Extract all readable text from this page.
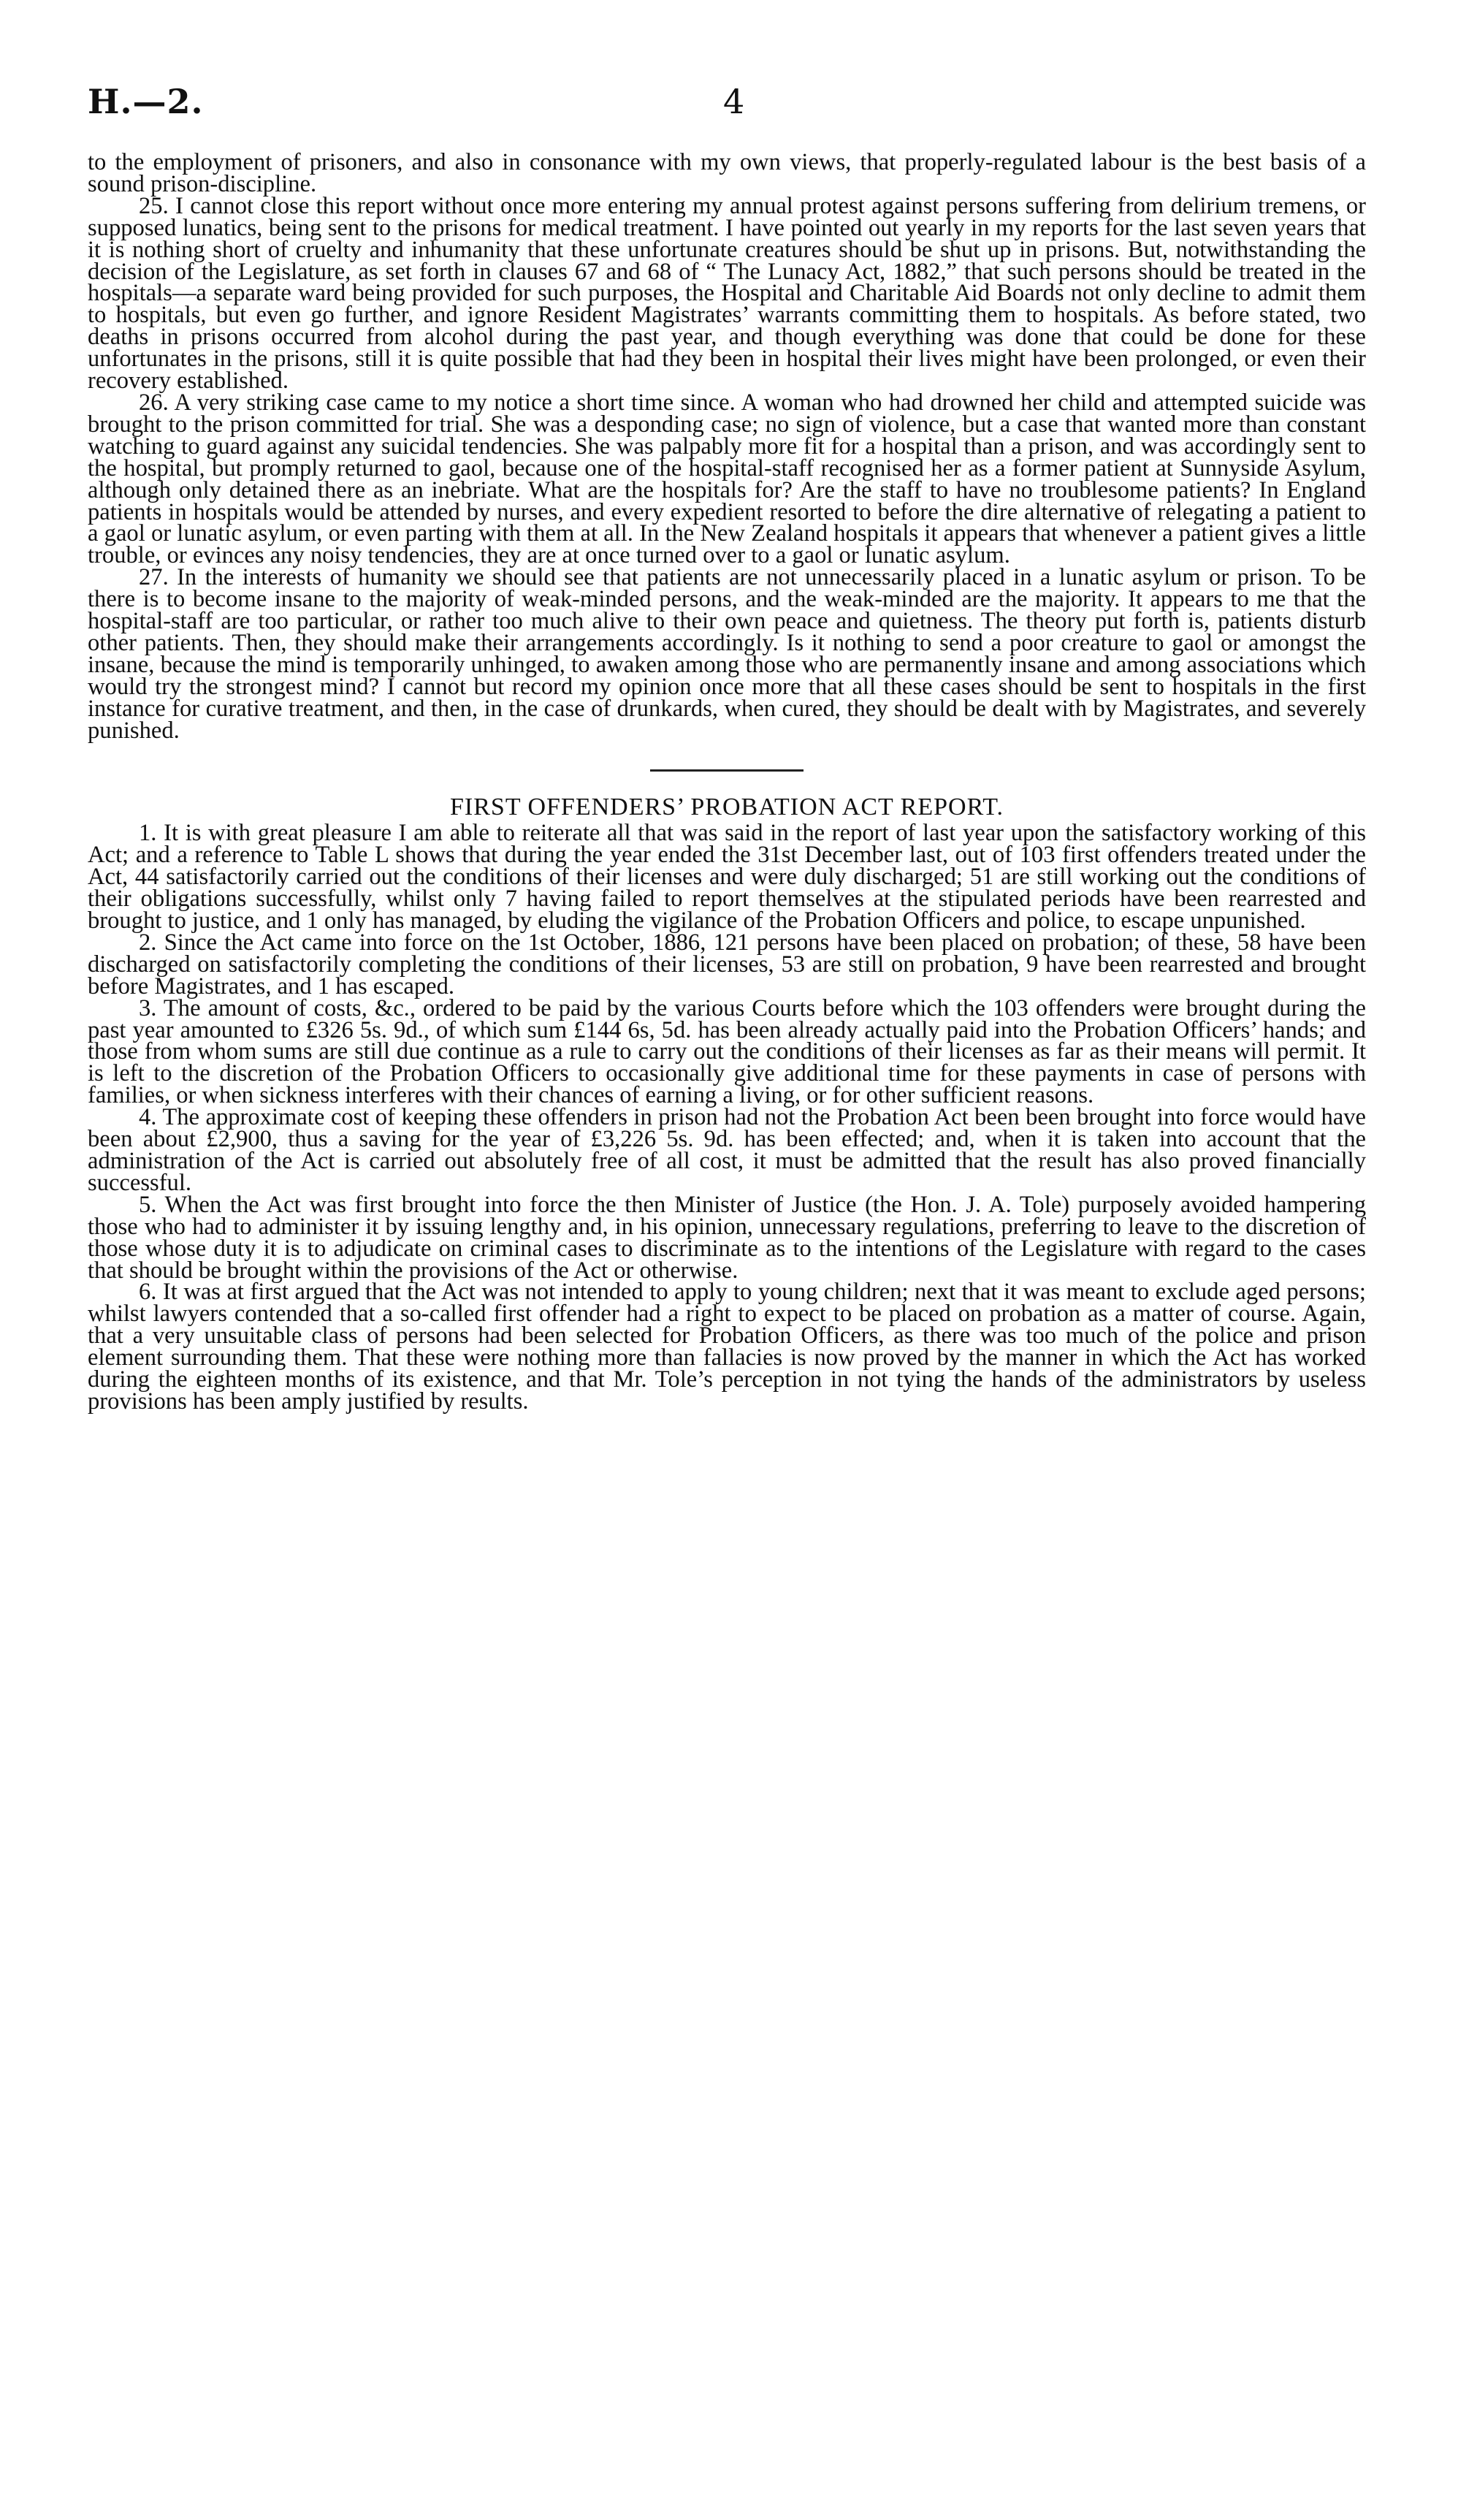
H.—2.	4

to the employment of prisoners, and also in consonance with my own views, that properly-regulated labour is the best basis of a sound prison-discipline.

25. I cannot close this report without once more entering my annual protest against persons suffering from delirium tremens, or supposed lunatics, being sent to the prisons for medical treatment. I have pointed out yearly in my reports for the last seven years that it is nothing short of cruelty and inhumanity that these unfortunate creatures should be shut up in prisons. But, notwithstanding the decision of the Legislature, as set forth in clauses 67 and 68 of “ The Lunacy Act, 1882,” that such persons should be treated in the hospitals—a separate ward being provided for such purposes, the Hospital and Charitable Aid Boards not only decline to admit them to hospitals, but even go further, and ignore Resident Magistrates’ warrants committing them to hospitals. As before stated, two deaths in prisons occurred from alcohol during the past year, and though everything was done that could be done for these unfortunates in the prisons, still it is quite possible that had they been in hospital their lives might have been prolonged, or even their recovery established.

26. A very striking case came to my notice a short time since. A woman who had drowned her child and attempted suicide was brought to the prison committed for trial. She was a desponding case; no sign of violence, but a case that wanted more than constant watching to guard against any suicidal tendencies. She was palpably more fit for a hospital than a prison, and was accordingly sent to the hospital, but promply returned to gaol, because one of the hospital-staff recognised her as a former patient at Sunnyside Asylum, although only detained there as an inebriate. What are the hospitals for? Are the staff to have no troublesome patients? In England patients in hospitals would be attended by nurses, and every expedient resorted to before the dire alternative of relegating a patient to a gaol or lunatic asylum, or even parting with them at all. In the New Zealand hospitals it appears that whenever a patient gives a little trouble, or evinces any noisy tendencies, they are at once turned over to a gaol or lunatic asylum.

27. In the interests of humanity we should see that patients are not unnecessarily placed in a lunatic asylum or prison. To be there is to become insane to the majority of weak-minded persons, and the weak-minded are the majority. It appears to me that the hospital-staff are too particular, or rather too much alive to their own peace and quietness. The theory put forth is, patients disturb other patients. Then, they should make their arrangements accordingly. Is it nothing to send a poor creature to gaol or amongst the insane, because the mind is temporarily unhinged, to awaken among those who are permanently insane and among associations which would try the strongest mind? I cannot but record my opinion once more that all these cases should be sent to hospitals in the first instance for curative treatment, and then, in the case of drunkards, when cured, they should be dealt with by Magistrates, and severely punished.

FIRST OFFENDERS’ PROBATION ACT REPORT.

1. It is with great pleasure I am able to reiterate all that was said in the report of last year upon the satisfactory working of this Act; and a reference to Table L shows that during the year ended the 31st December last, out of 103 first offenders treated under the Act, 44 satisfactorily carried out the conditions of their licenses and were duly discharged; 51 are still working out the conditions of their obligations successfully, whilst only 7 having failed to report themselves at the stipulated periods have been rearrested and brought to justice, and 1 only has managed, by eluding the vigilance of the Probation Officers and police, to escape unpunished.

2. Since the Act came into force on the 1st October, 1886, 121 persons have been placed on probation; of these, 58 have been discharged on satisfactorily completing the conditions of their licenses, 53 are still on probation, 9 have been rearrested and brought before Magistrates, and 1 has escaped.

3. The amount of costs, &c., ordered to be paid by the various Courts before which the 103 offenders were brought during the past year amounted to £326 5s. 9d., of which sum £144 6s, 5d. has been already actually paid into the Probation Officers’ hands; and those from whom sums are still due continue as a rule to carry out the conditions of their licenses as far as their means will permit. It is left to the discretion of the Probation Officers to occasionally give additional time for these payments in case of persons with families, or when sickness interferes with their chances of earning a living, or for other sufficient reasons.

4. The approximate cost of keeping these offenders in prison had not the Probation Act been been brought into force would have been about £2,900, thus a saving for the year of £3,226 5s. 9d. has been effected; and, when it is taken into account that the administration of the Act is carried out absolutely free of all cost, it must be admitted that the result has also proved financially successful.

5. When the Act was first brought into force the then Minister of Justice (the Hon. J. A. Tole) purposely avoided hampering those who had to administer it by issuing lengthy and, in his opinion, unnecessary regulations, preferring to leave to the discretion of those whose duty it is to adjudicate on criminal cases to discriminate as to the intentions of the Legislature with regard to the cases that should be brought within the provisions of the Act or otherwise.

6. It was at first argued that the Act was not intended to apply to young children; next that it was meant to exclude aged persons; whilst lawyers contended that a so-called first offender had a right to expect to be placed on probation as a matter of course. Again, that a very unsuitable class of persons had been selected for Probation Officers, as there was too much of the police and prison element surrounding them. That these were nothing more than fallacies is now proved by the manner in which the Act has worked during the eighteen months of its existence, and that Mr. Tole’s perception in not tying the hands of the administrators by useless provisions has been amply justified by results.
